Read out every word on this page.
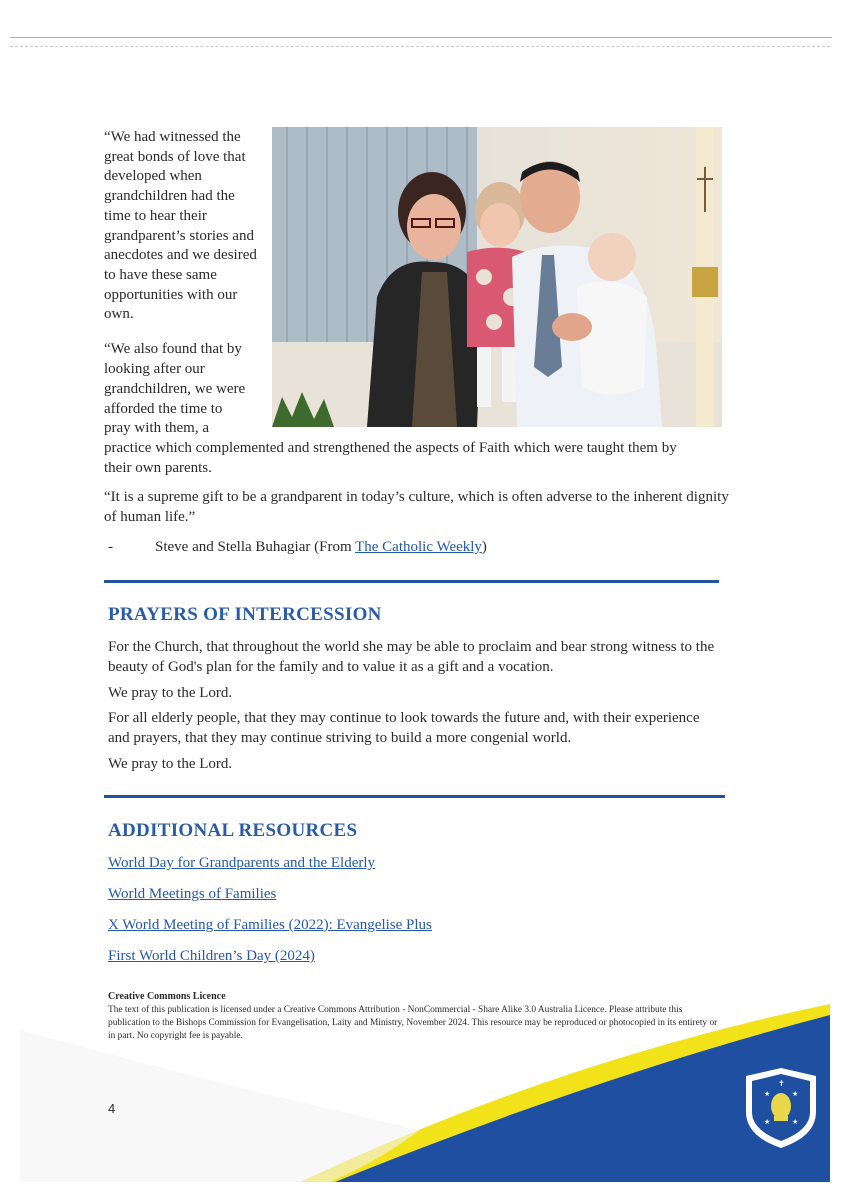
“We had witnessed the great bonds of love that developed when grandchildren had the time to hear their grandparent’s stories and anecdotes and we desired to have these same opportunities with our own.

“We also found that by

looking after our

grandchildren, we were

afforded the time to

pray with them, a

practice which complemented and strengthened the aspects of Faith which were taught them by

their own parents.

“It is a supreme gift to be a grandparent in today’s culture, which is often adverse to the inherent dignity of human life.”

-	Steve and Stella Buhagiar (From The Catholic Weekly)

PRAYERS OF INTERCESSION

For the Church, that throughout the world she may be able to proclaim and bear strong witness to the beauty of God's plan for the family and to value it as a gift and a vocation.

We pray to the Lord.

For all elderly people, that they may continue to look towards the future and, with their experience and prayers, that they may continue striving to build a more congenial world.

We pray to the Lord.

ADDITIONAL RESOURCES
World Day for Grandparents and the Elderly
World Meetings of Families
X World Meeting of Families (2022): Evangelise Plus
First World Children’s Day (2024)
★	★
★	★
✝

Creative Commons Licence

The text of this publication is licensed under a Creative Commons Attribution - NonCommercial - Share Alike 3.0 Australia Licence. Please attribute this publication to the Bishops Commission for Evangelisation, Laity and Ministry, November 2024. This resource may be reproduced or photocopied in its entirety or in part. No copyright fee is payable.

4
